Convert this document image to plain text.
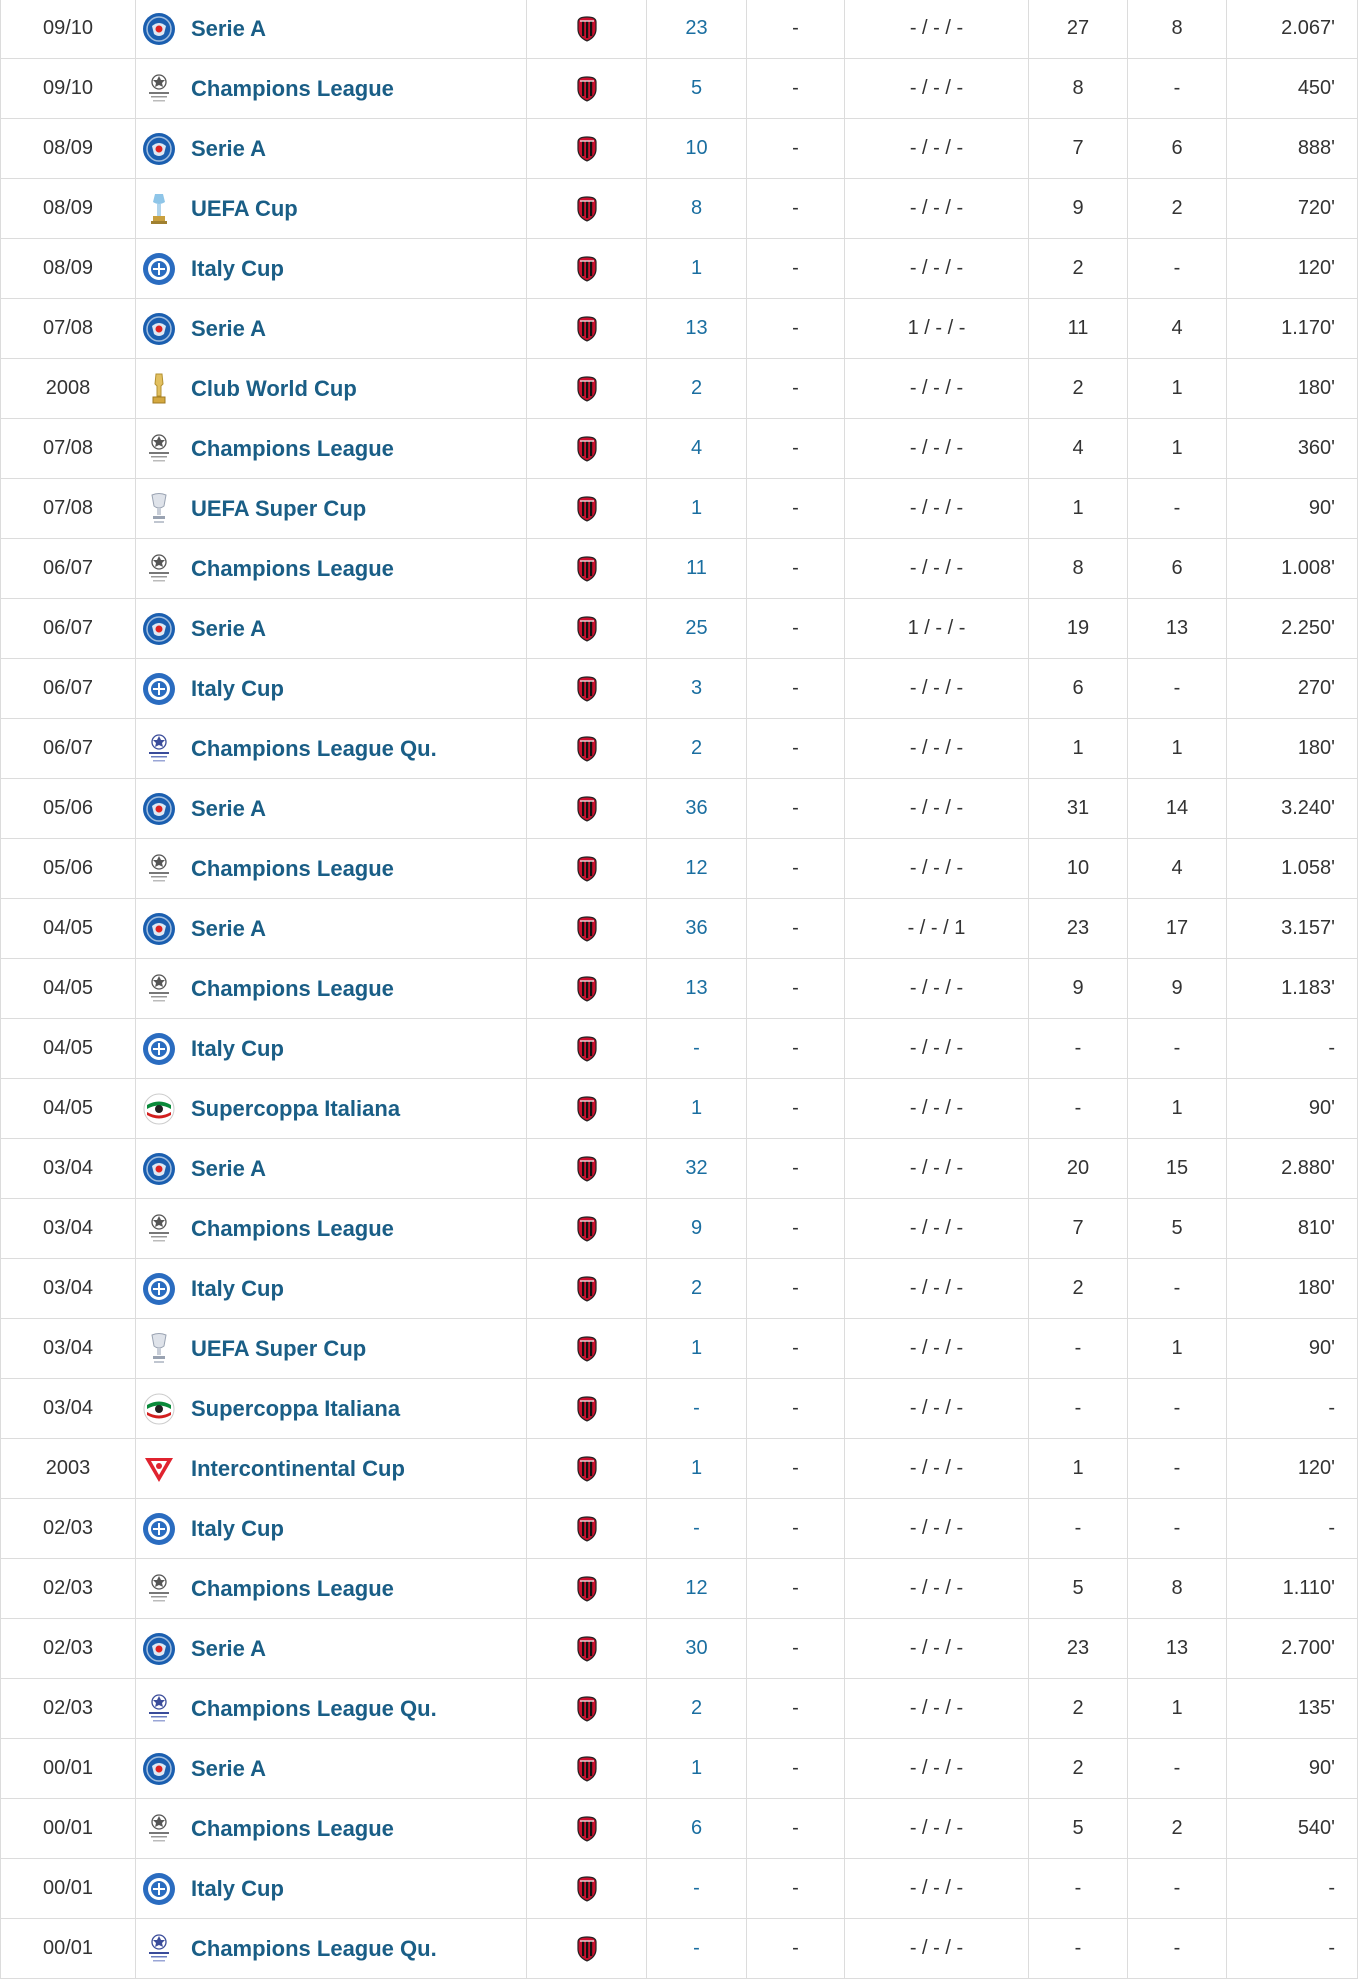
09/10	Serie A		23	-	- / - / -	27	8	2.067'
09/10	Champions League		5	-	- / - / -	8	-	450'
08/09	Serie A		10	-	- / - / -	7	6	888'
08/09	UEFA Cup		8	-	- / - / -	9	2	720'
08/09	Italy Cup		1	-	- / - / -	2	-	120'
07/08	Serie A		13	-	1 / - / -	11	4	1.170'
2008	Club World Cup		2	-	- / - / -	2	1	180'
07/08	Champions League		4	-	- / - / -	4	1	360'
07/08	UEFA Super Cup		1	-	- / - / -	1	-	90'
06/07	Champions League		11	-	- / - / -	8	6	1.008'
06/07	Serie A		25	-	1 / - / -	19	13	2.250'
06/07	Italy Cup		3	-	- / - / -	6	-	270'
06/07	Champions League Qu.		2	-	- / - / -	1	1	180'
05/06	Serie A		36	-	- / - / -	31	14	3.240'
05/06	Champions League		12	-	- / - / -	10	4	1.058'
04/05	Serie A		36	-	- / - / 1	23	17	3.157'
04/05	Champions League		13	-	- / - / -	9	9	1.183'
04/05	Italy Cup		-	-	- / - / -	-	-	-
04/05	Supercoppa Italiana		1	-	- / - / -	-	1	90'
03/04	Serie A		32	-	- / - / -	20	15	2.880'
03/04	Champions League		9	-	- / - / -	7	5	810'
03/04	Italy Cup		2	-	- / - / -	2	-	180'
03/04	UEFA Super Cup		1	-	- / - / -	-	1	90'
03/04	Supercoppa Italiana		-	-	- / - / -	-	-	-
2003	Intercontinental Cup		1	-	- / - / -	1	-	120'
02/03	Italy Cup		-	-	- / - / -	-	-	-
02/03	Champions League		12	-	- / - / -	5	8	1.110'
02/03	Serie A		30	-	- / - / -	23	13	2.700'
02/03	Champions League Qu.		2	-	- / - / -	2	1	135'
00/01	Serie A		1	-	- / - / -	2	-	90'
00/01	Champions League		6	-	- / - / -	5	2	540'
00/01	Italy Cup		-	-	- / - / -	-	-	-
00/01	Champions League Qu.		-	-	- / - / -	-	-	-
